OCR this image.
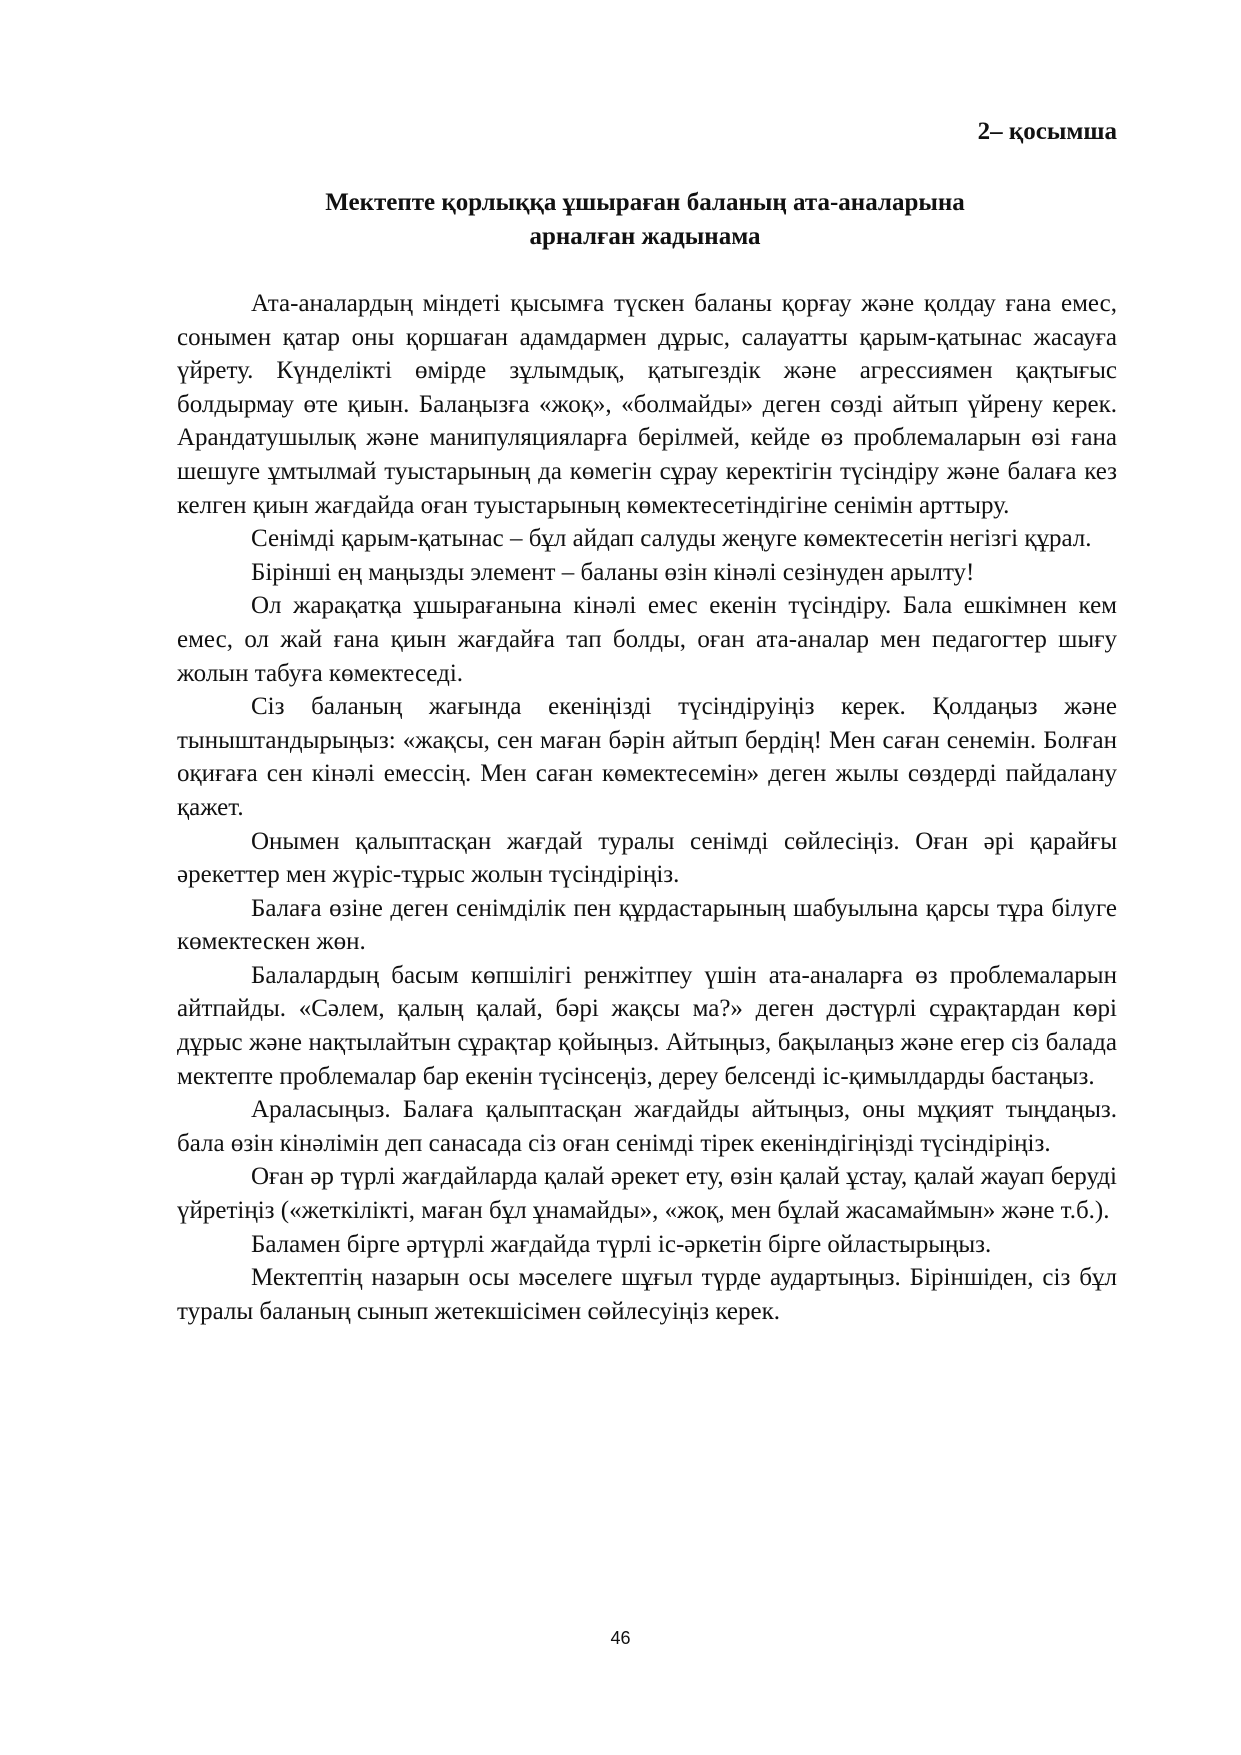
2– қосымша
Мектепте қорлыққа ұшыраған баланың ата-аналарына
арналған жадынама

Ата-аналардың міндеті қысымға түскен баланы қорғау және қолдау ғана емес, сонымен қатар оны қоршаған адамдармен дұрыс, салауатты қарым-қатынас жасауға үйрету. Күнделікті өмірде зұлымдық, қатыгездік және агрессиямен қақтығыс болдырмау өте қиын. Балаңызға «жоқ», «болмайды» деген сөзді айтып үйрену керек. Арандатушылық және манипуляцияларға берілмей, кейде өз проблемаларын өзі ғана шешуге ұмтылмай туыстарының да көмегін сұрау керектігін түсіндіру және балаға кез келген қиын жағдайда оған туыстарының көмектесетіндігіне сенімін арттыру.

Сенімді қарым-қатынас – бұл айдап салуды жеңуге көмектесетін негізгі құрал.

Бірінші ең маңызды элемент – баланы өзін кінәлі сезінуден арылту!

Ол жарақатқа ұшырағанына кінәлі емес екенін түсіндіру. Бала ешкімнен кем емес, ол жай ғана қиын жағдайға тап болды, оған ата-аналар мен педагогтер шығу жолын табуға көмектеседі.

Сіз баланың жағында екеніңізді түсіндіруіңіз керек. Қолдаңыз және тыныштандырыңыз: «жақсы, сен маған бәрін айтып бердің! Мен саған сенемін. Болған оқиғаға сен кінәлі емессің. Мен саған көмектесемін» деген жылы сөздерді пайдалану қажет.

Онымен қалыптасқан жағдай туралы сенімді сөйлесіңіз. Оған әрі қарайғы әрекеттер мен жүріс-тұрыс жолын түсіндіріңіз.

Балаға өзіне деген сенімділік пен құрдастарының шабуылына қарсы тұра білуге көмектескен жөн.

Балалардың басым көпшілігі ренжітпеу үшін ата-аналарға өз проблемаларын айтпайды. «Сәлем, қалың қалай, бәрі жақсы ма?» деген дәстүрлі сұрақтардан көрі дұрыс және нақтылайтын сұрақтар қойыңыз. Айтыңыз, бақылаңыз және егер сіз балада мектепте проблемалар бар екенін түсінсеңіз, дереу белсенді іс-қимылдарды бастаңыз.

Араласыңыз. Балаға қалыптасқан жағдайды айтыңыз, оны мұқият тыңдаңыз. бала өзін кінәлімін деп санасада сіз оған сенімді тірек екеніндігіңізді түсіндіріңіз.

Оған әр түрлі жағдайларда қалай әрекет ету, өзін қалай ұстау, қалай жауап беруді үйретіңіз («жеткілікті, маған бұл ұнамайды», «жоқ, мен бұлай жасамаймын» және т.б.).

Баламен бірге әртүрлі жағдайда түрлі іс-әркетін бірге ойластырыңыз.

Мектептің назарын осы мәселеге шұғыл түрде аудартыңыз. Біріншіден, сіз бұл туралы баланың сынып жетекшісімен сөйлесуіңіз керек.

46
